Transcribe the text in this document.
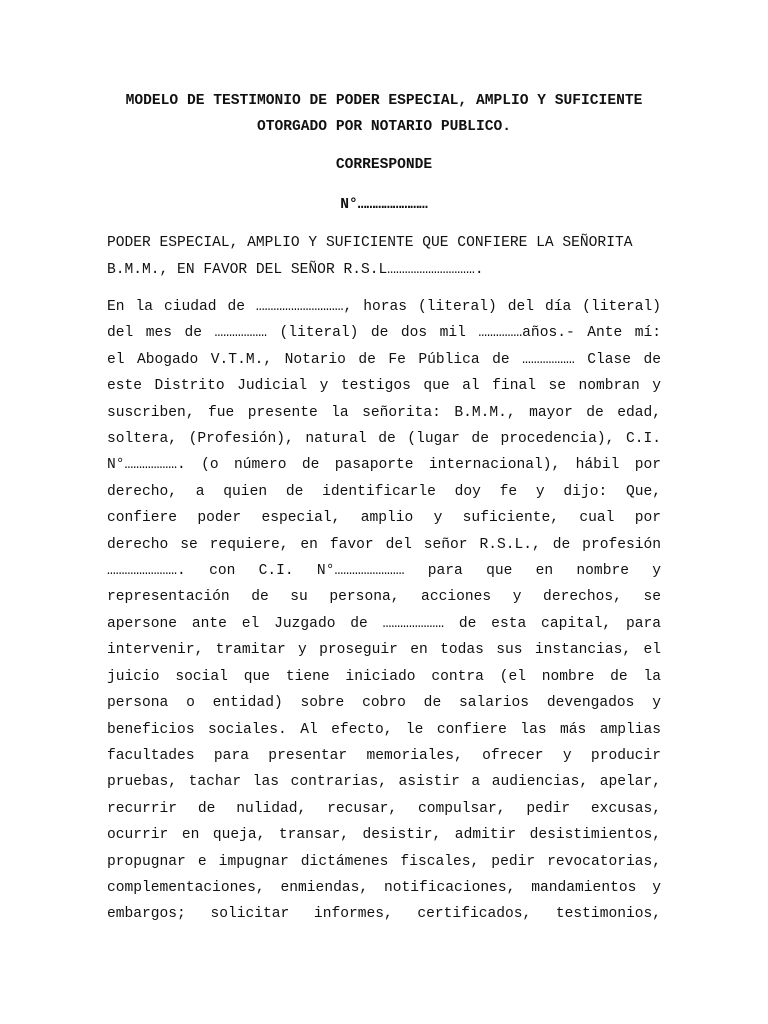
MODELO DE TESTIMONIO DE PODER ESPECIAL, AMPLIO Y SUFICIENTE
OTORGADO POR NOTARIO PUBLICO.

CORRESPONDE

N°……………………

PODER ESPECIAL, AMPLIO Y SUFICIENTE QUE CONFIERE LA SEÑORITA
B.M.M., EN FAVOR DEL SEÑOR R.S.L………………………….

En la ciudad de …………………………, horas (literal) del día (literal)
del mes de ……………… (literal) de dos mil ……………años.- Ante mí:
el Abogado V.T.M., Notario de Fe Pública de ……………… Clase de
este Distrito Judicial y testigos que al final se nombran y
suscriben, fue presente la señorita: B.M.M., mayor de edad,
soltera, (Profesión), natural de (lugar de procedencia), C.I.
N°………………. (o número de pasaporte internacional), hábil por
derecho, a quien de identificarle doy fe y dijo: Que,
confiere poder especial, amplio y suficiente, cual por
derecho se requiere, en favor del señor R.S.L., de profesión
……………………. con C.I. N°…………………… para que en nombre y
representación de su persona, acciones y derechos, se
apersone ante el Juzgado de ………………… de esta capital, para
intervenir, tramitar y proseguir en todas sus instancias, el
juicio social que tiene iniciado contra (el nombre de la
persona o entidad) sobre cobro de salarios devengados y
beneficios sociales. Al efecto, le confiere las más amplias
facultades para presentar memoriales, ofrecer y producir
pruebas, tachar las contrarias, asistir a audiencias, apelar,
recurrir de nulidad, recusar, compulsar, pedir excusas,
ocurrir en queja, transar, desistir, admitir desistimientos,
propugnar e impugnar dictámenes fiscales, pedir revocatorias,
complementaciones, enmiendas, notificaciones, mandamientos y
embargos; solicitar informes, certificados, testimonios,
